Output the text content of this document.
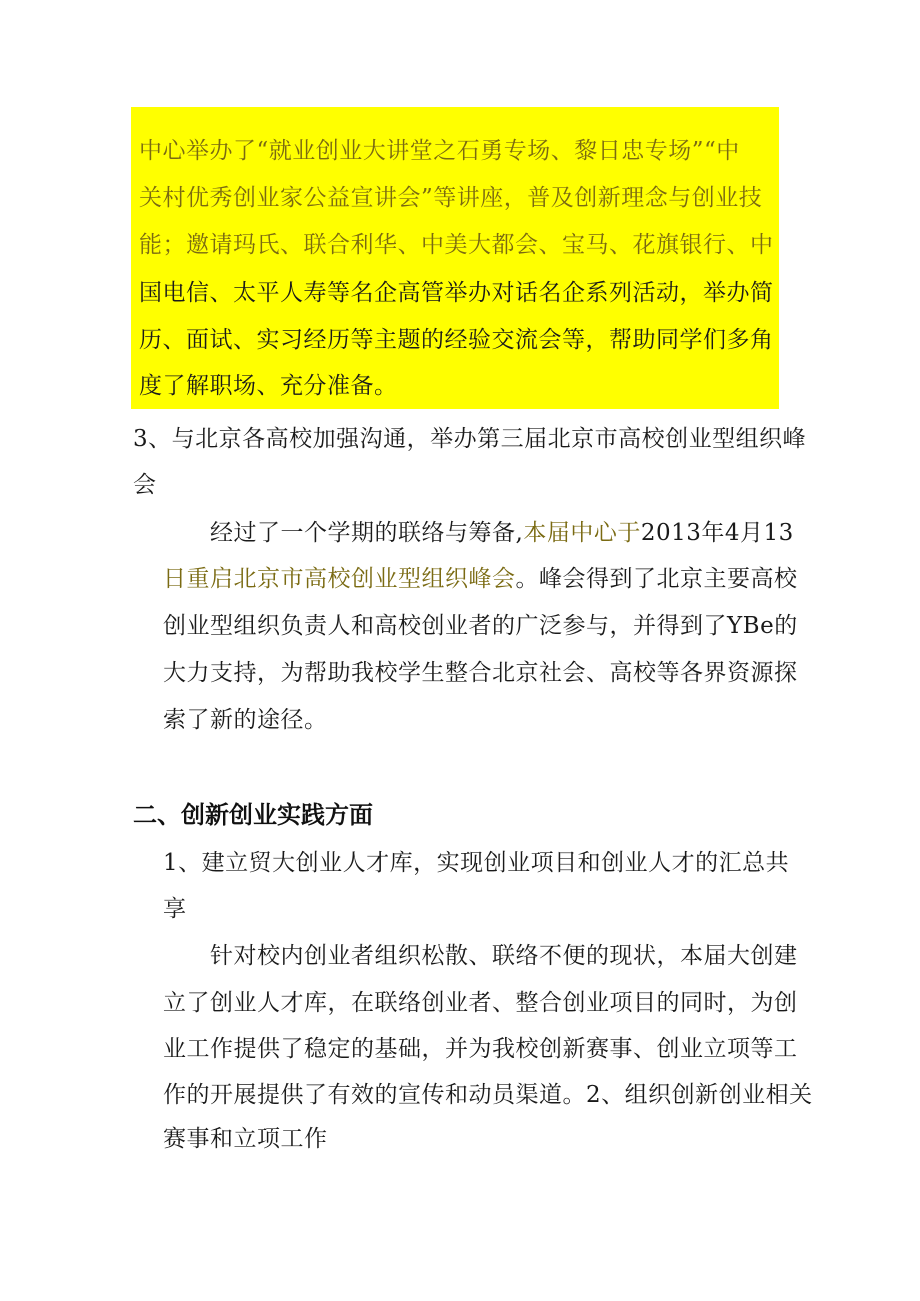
中心举办了“就业创业大讲堂之石勇专场、黎日忠专场”“中
关村优秀创业家公益宣讲会”等讲座，普及创新理念与创业技
能；邀请玛氏、联合利华、中美大都会、宝马、花旗银行、中
国电信、太平人寿等名企高管举办对话名企系列活动，举办简
历、面试、实习经历等主题的经验交流会等，帮助同学们多角
度了解职场、充分准备。
3、与北京各高校加强沟通，举办第三届北京市高校创业型组织峰
会
经过了一个学期的联络与筹备,本届中心于2013年4月13
日重启北京市高校创业型组织峰会。峰会得到了北京主要高校
创业型组织负责人和高校创业者的广泛参与，并得到了YBe的
大力支持，为帮助我校学生整合北京社会、高校等各界资源探
索了新的途径。
二、创新创业实践方面
1、建立贸大创业人才库，实现创业项目和创业人才的汇总共
享
针对校内创业者组织松散、联络不便的现状，本届大创建
立了创业人才库，在联络创业者、整合创业项目的同时，为创
业工作提供了稳定的基础，并为我校创新赛事、创业立项等工
作的开展提供了有效的宣传和动员渠道。2、组织创新创业相关
赛事和立项工作
